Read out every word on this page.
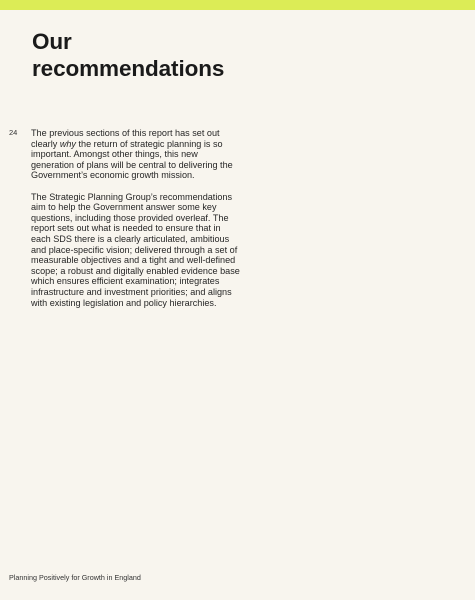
Our
recommendations
24 The previous sections of this report has set out clearly why the return of strategic planning is so important. Amongst other things, this new generation of plans will be central to delivering the Government’s economic growth mission.

The Strategic Planning Group’s recommendations aim to help the Government answer some key questions, including those provided overleaf. The report sets out what is needed to ensure that in each SDS there is a clearly articulated, ambitious and place-specific vision; delivered through a set of measurable objectives and a tight and well-defined scope; a robust and digitally enabled evidence base which ensures efficient examination; integrates infrastructure and investment priorities; and aligns with existing legislation and policy hierarchies.

Planning Positively for Growth in England
